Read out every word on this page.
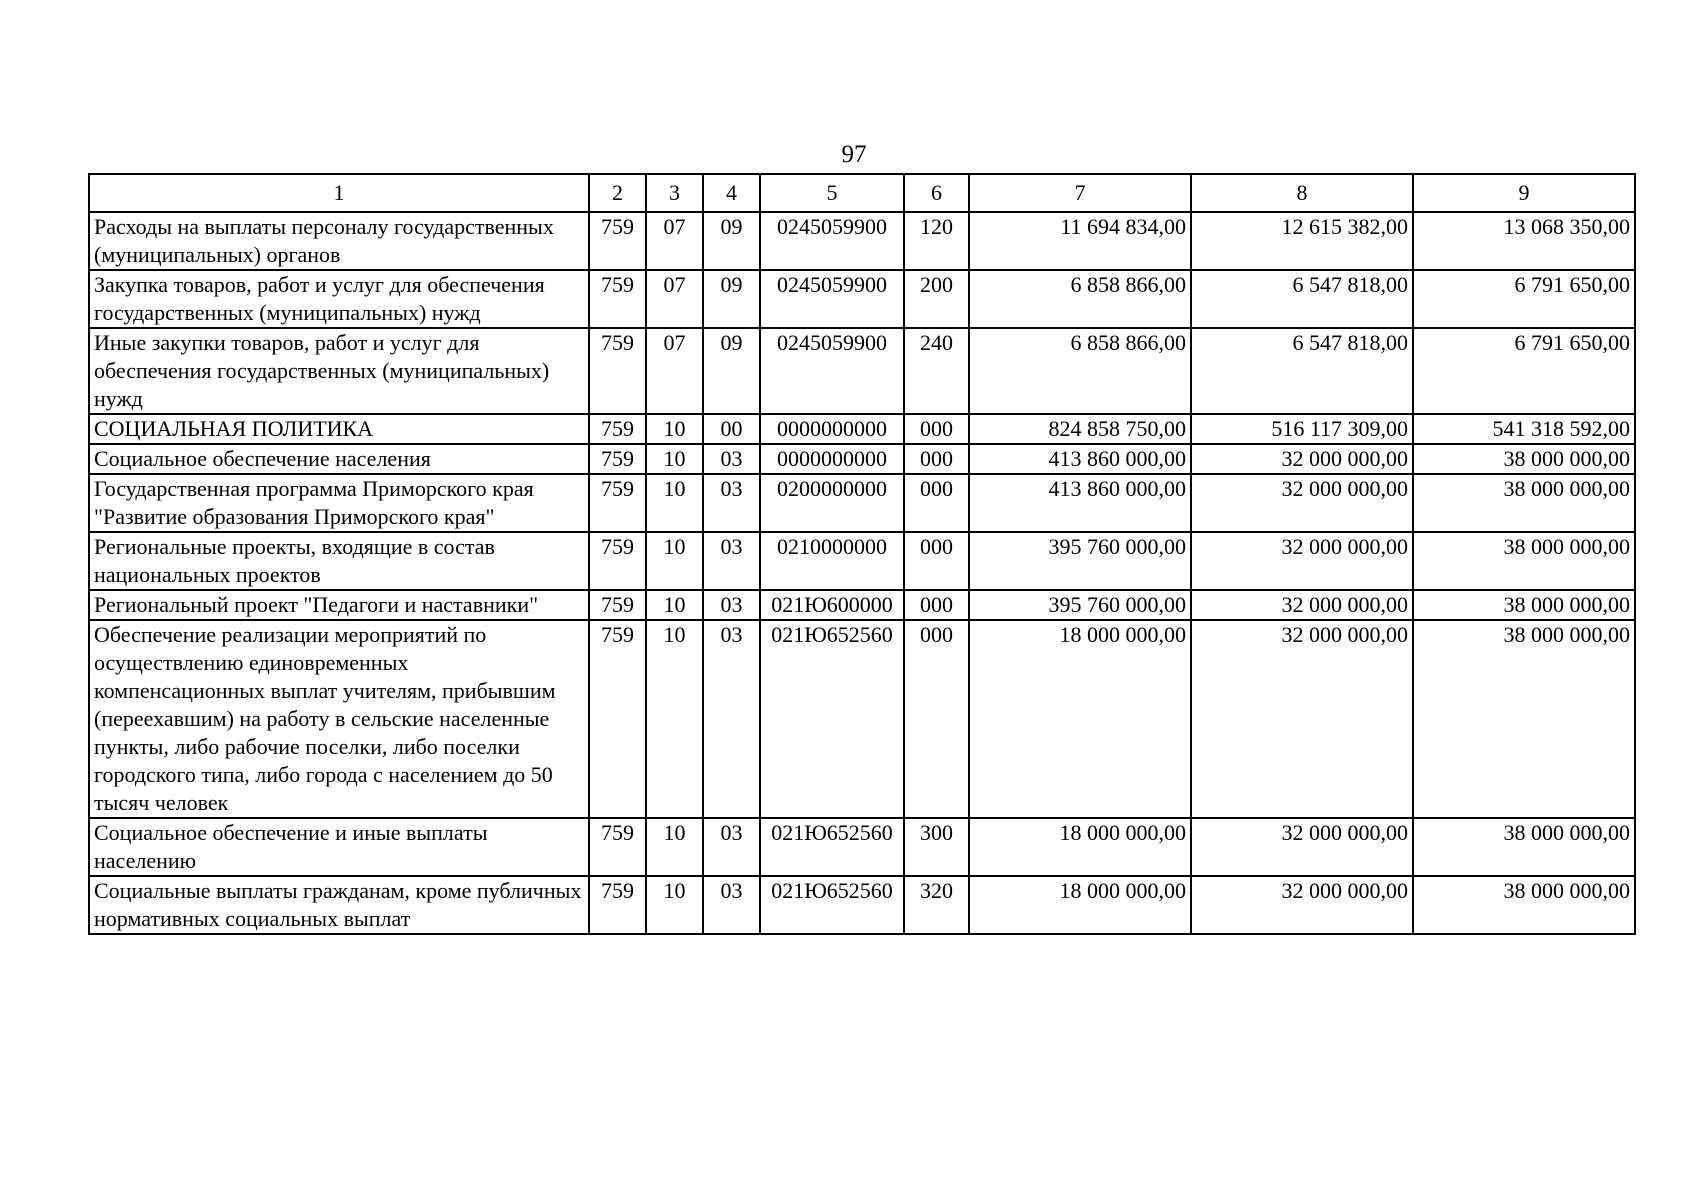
97
1	2	3	4	5	6	7	8	9
Расходы на выплаты персоналу государственных (муниципальных) органов	759	07	09	0245059900	120	11 694 834,00	12 615 382,00	13 068 350,00
Закупка товаров, работ и услуг для обеспечения государственных (муниципальных) нужд	759	07	09	0245059900	200	6 858 866,00	6 547 818,00	6 791 650,00
Иные закупки товаров, работ и услуг для обеспечения государственных (муниципальных) нужд	759	07	09	0245059900	240	6 858 866,00	6 547 818,00	6 791 650,00
СОЦИАЛЬНАЯ ПОЛИТИКА	759	10	00	0000000000	000	824 858 750,00	516 117 309,00	541 318 592,00
Социальное обеспечение населения	759	10	03	0000000000	000	413 860 000,00	32 000 000,00	38 000 000,00
Государственная программа Приморского края "Развитие образования Приморского края"	759	10	03	0200000000	000	413 860 000,00	32 000 000,00	38 000 000,00
Региональные проекты, входящие в состав национальных проектов	759	10	03	0210000000	000	395 760 000,00	32 000 000,00	38 000 000,00
Региональный проект "Педагоги и наставники"	759	10	03	021Ю600000	000	395 760 000,00	32 000 000,00	38 000 000,00
Обеспечение реализации мероприятий по осуществлению единовременных компенсационных выплат учителям, прибывшим (переехавшим) на работу в сельские населенные пункты, либо рабочие поселки, либо поселки городского типа, либо города с населением до 50 тысяч человек	759	10	03	021Ю652560	000	18 000 000,00	32 000 000,00	38 000 000,00
Социальное обеспечение и иные выплаты населению	759	10	03	021Ю652560	300	18 000 000,00	32 000 000,00	38 000 000,00
Социальные выплаты гражданам, кроме публичных нормативных социальных выплат	759	10	03	021Ю652560	320	18 000 000,00	32 000 000,00	38 000 000,00
